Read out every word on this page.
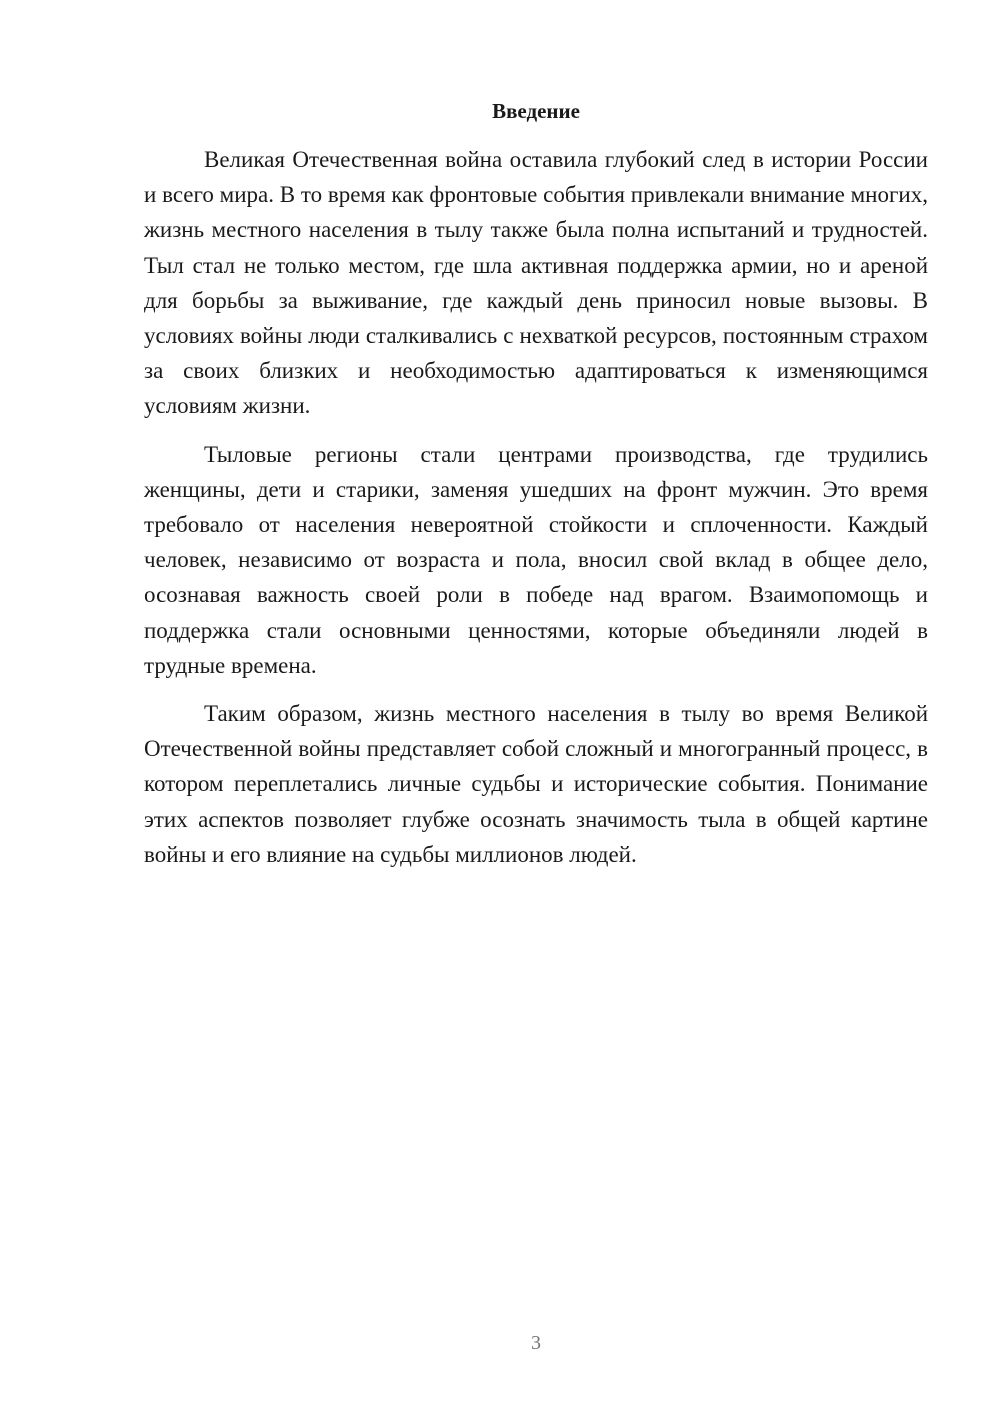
Введение

Великая Отечественная война оставила глубокий след в истории России и всего мира. В то время как фронтовые события привлекали внимание многих, жизнь местного населения в тылу также была полна испытаний и трудностей. Тыл стал не только местом, где шла активная поддержка армии, но и ареной для борьбы за выживание, где каждый день приносил новые вызовы. В условиях войны люди сталкивались с нехваткой ресурсов, постоянным страхом за своих близких и необходимостью адаптироваться к изменяющимся условиям жизни.

Тыловые регионы стали центрами производства, где трудились женщины, дети и старики, заменяя ушедших на фронт мужчин. Это время требовало от населения невероятной стойкости и сплоченности. Каждый человек, независимо от возраста и пола, вносил свой вклад в общее дело, осознавая важность своей роли в победе над врагом. Взаимопомощь и поддержка стали основными ценностями, которые объединяли людей в трудные времена.

Таким образом, жизнь местного населения в тылу во время Великой Отечественной войны представляет собой сложный и многогранный процесс, в котором переплетались личные судьбы и исторические события. Понимание этих аспектов позволяет глубже осознать значимость тыла в общей картине войны и его влияние на судьбы миллионов людей.

3
